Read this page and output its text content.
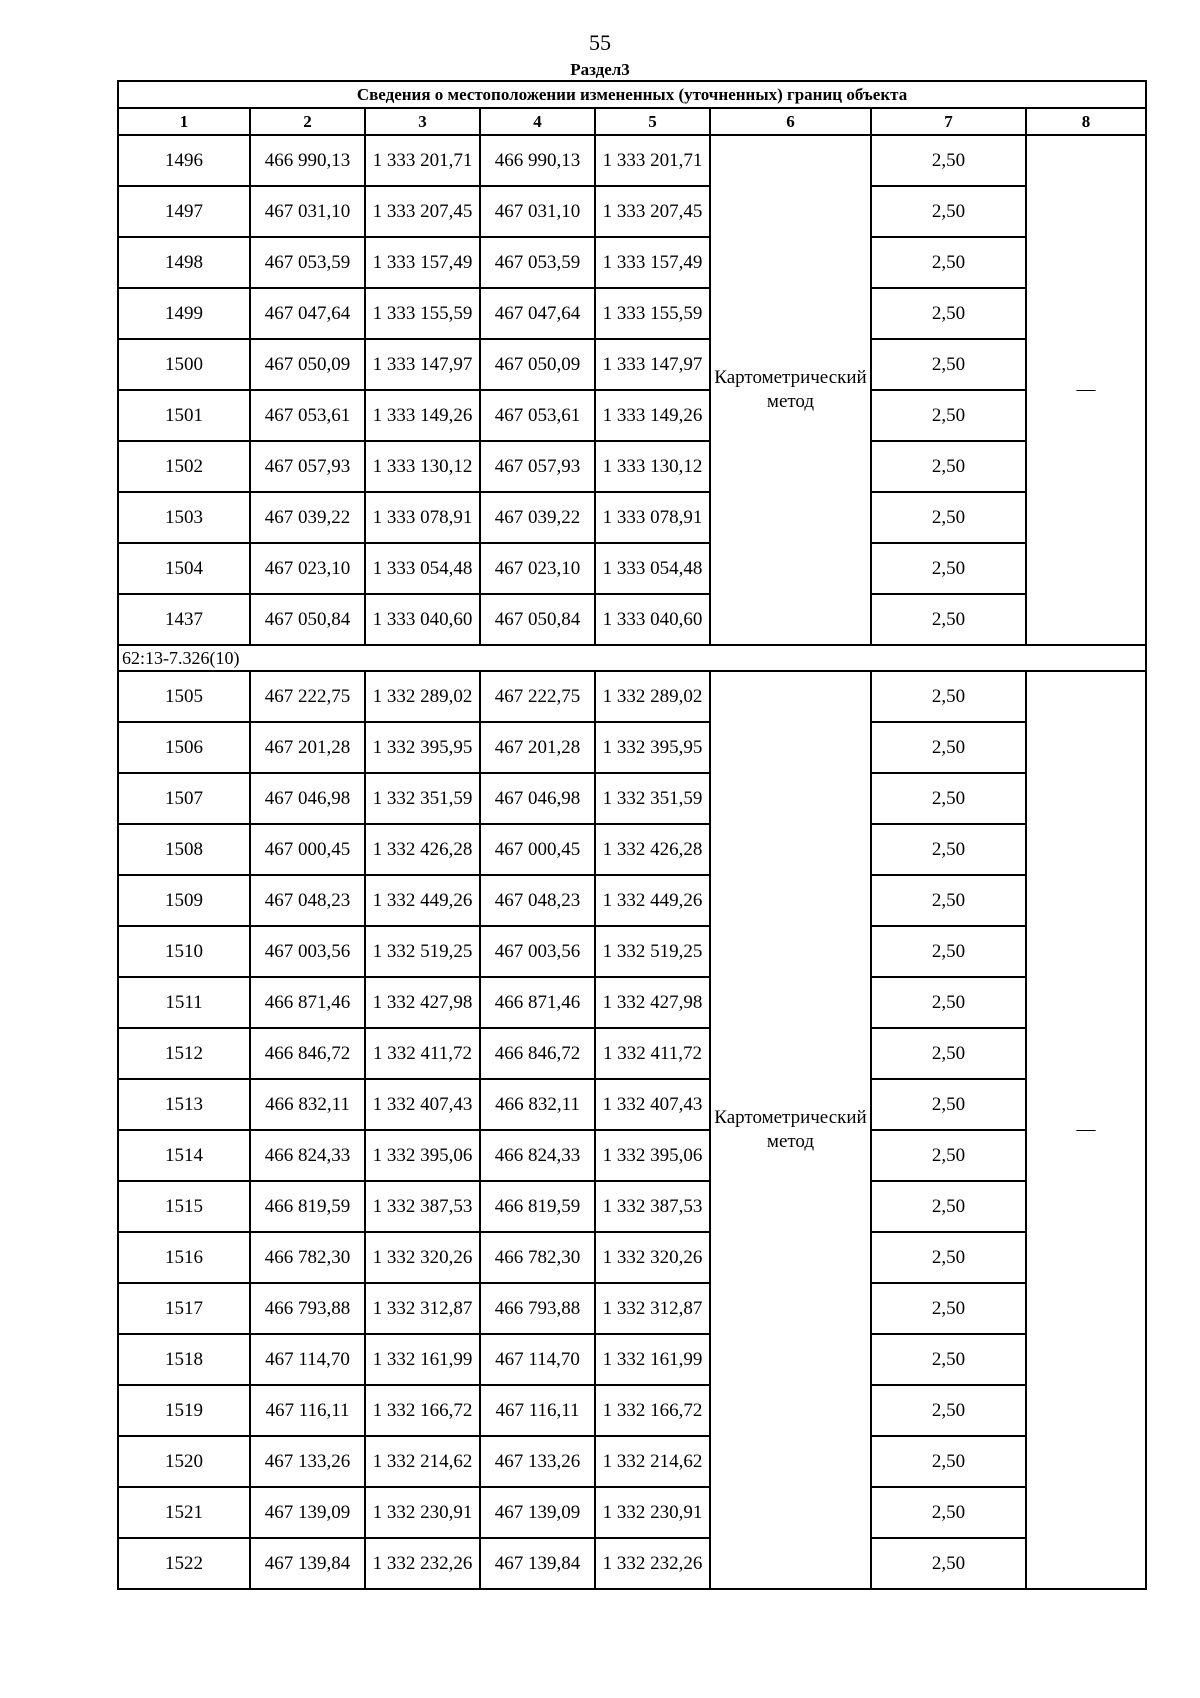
55
Раздел3
Сведения о местоположении измененных (уточненных) границ объекта							
1	2	3	4	5	6	7	8
1496	466 990,13	1 333 201,71	466 990,13	1 333 201,71	Картометрический метод	2,50	—
1497	467 031,10	1 333 207,45	467 031,10	1 333 207,45		2,50	
1498	467 053,59	1 333 157,49	467 053,59	1 333 157,49		2,50	
1499	467 047,64	1 333 155,59	467 047,64	1 333 155,59		2,50	
1500	467 050,09	1 333 147,97	467 050,09	1 333 147,97		2,50	
1501	467 053,61	1 333 149,26	467 053,61	1 333 149,26		2,50	
1502	467 057,93	1 333 130,12	467 057,93	1 333 130,12		2,50	
1503	467 039,22	1 333 078,91	467 039,22	1 333 078,91		2,50	
1504	467 023,10	1 333 054,48	467 023,10	1 333 054,48		2,50	
1437	467 050,84	1 333 040,60	467 050,84	1 333 040,60		2,50	
62:13-7.326(10)							
1505	467 222,75	1 332 289,02	467 222,75	1 332 289,02	Картометрический метод	2,50	—
1506	467 201,28	1 332 395,95	467 201,28	1 332 395,95		2,50	
1507	467 046,98	1 332 351,59	467 046,98	1 332 351,59		2,50	
1508	467 000,45	1 332 426,28	467 000,45	1 332 426,28		2,50	
1509	467 048,23	1 332 449,26	467 048,23	1 332 449,26		2,50	
1510	467 003,56	1 332 519,25	467 003,56	1 332 519,25		2,50	
1511	466 871,46	1 332 427,98	466 871,46	1 332 427,98		2,50	
1512	466 846,72	1 332 411,72	466 846,72	1 332 411,72		2,50	
1513	466 832,11	1 332 407,43	466 832,11	1 332 407,43		2,50	
1514	466 824,33	1 332 395,06	466 824,33	1 332 395,06		2,50	
1515	466 819,59	1 332 387,53	466 819,59	1 332 387,53		2,50	
1516	466 782,30	1 332 320,26	466 782,30	1 332 320,26		2,50	
1517	466 793,88	1 332 312,87	466 793,88	1 332 312,87		2,50	
1518	467 114,70	1 332 161,99	467 114,70	1 332 161,99		2,50	
1519	467 116,11	1 332 166,72	467 116,11	1 332 166,72		2,50	
1520	467 133,26	1 332 214,62	467 133,26	1 332 214,62		2,50	
1521	467 139,09	1 332 230,91	467 139,09	1 332 230,91		2,50	
1522	467 139,84	1 332 232,26	467 139,84	1 332 232,26		2,50	
